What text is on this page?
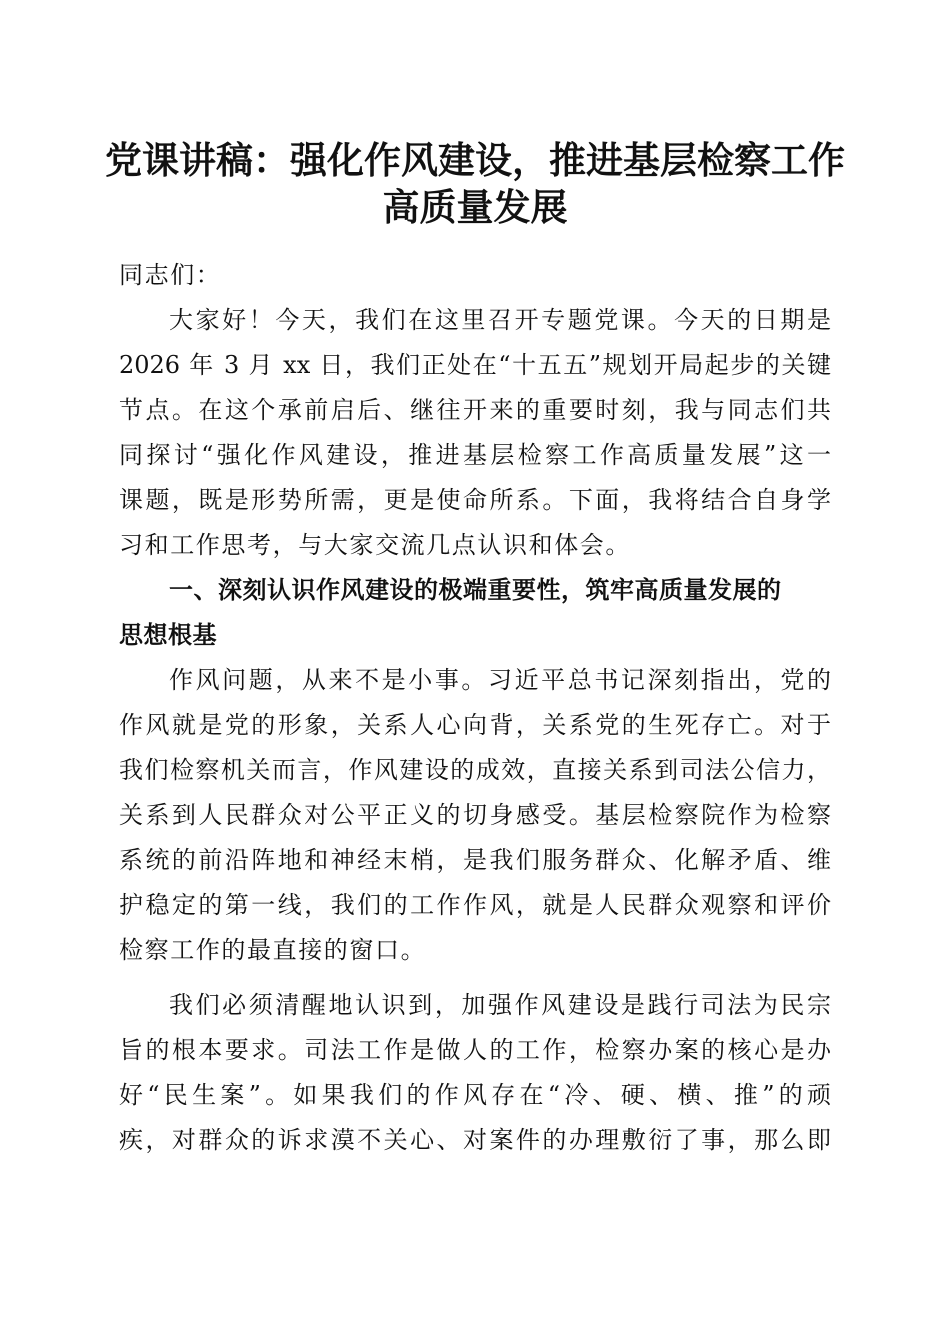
党课讲稿：强化作风建设，推进基层检察工作
高质量发展
同志们：
大家好！今天，我们在这里召开专题党课。今天的日期是
2026 年 3 月 xx 日，我们正处在“十五五”规划开局起步的关键
节点。在这个承前启后、继往开来的重要时刻，我与同志们共
同探讨“强化作风建设，推进基层检察工作高质量发展”这一
课题，既是形势所需，更是使命所系。下面，我将结合自身学
习和工作思考，与大家交流几点认识和体会。
一、深刻认识作风建设的极端重要性，筑牢高质量发展的
思想根基
作风问题，从来不是小事。习近平总书记深刻指出，党的
作风就是党的形象，关系人心向背，关系党的生死存亡。对于
我们检察机关而言，作风建设的成效，直接关系到司法公信力，
关系到人民群众对公平正义的切身感受。基层检察院作为检察
系统的前沿阵地和神经末梢，是我们服务群众、化解矛盾、维
护稳定的第一线，我们的工作作风，就是人民群众观察和评价
检察工作的最直接的窗口。
我们必须清醒地认识到，加强作风建设是践行司法为民宗
旨的根本要求。司法工作是做人的工作，检察办案的核心是办
好“民生案”。如果我们的作风存在“冷、硬、横、推”的顽
疾，对群众的诉求漠不关心、对案件的办理敷衍了事，那么即
